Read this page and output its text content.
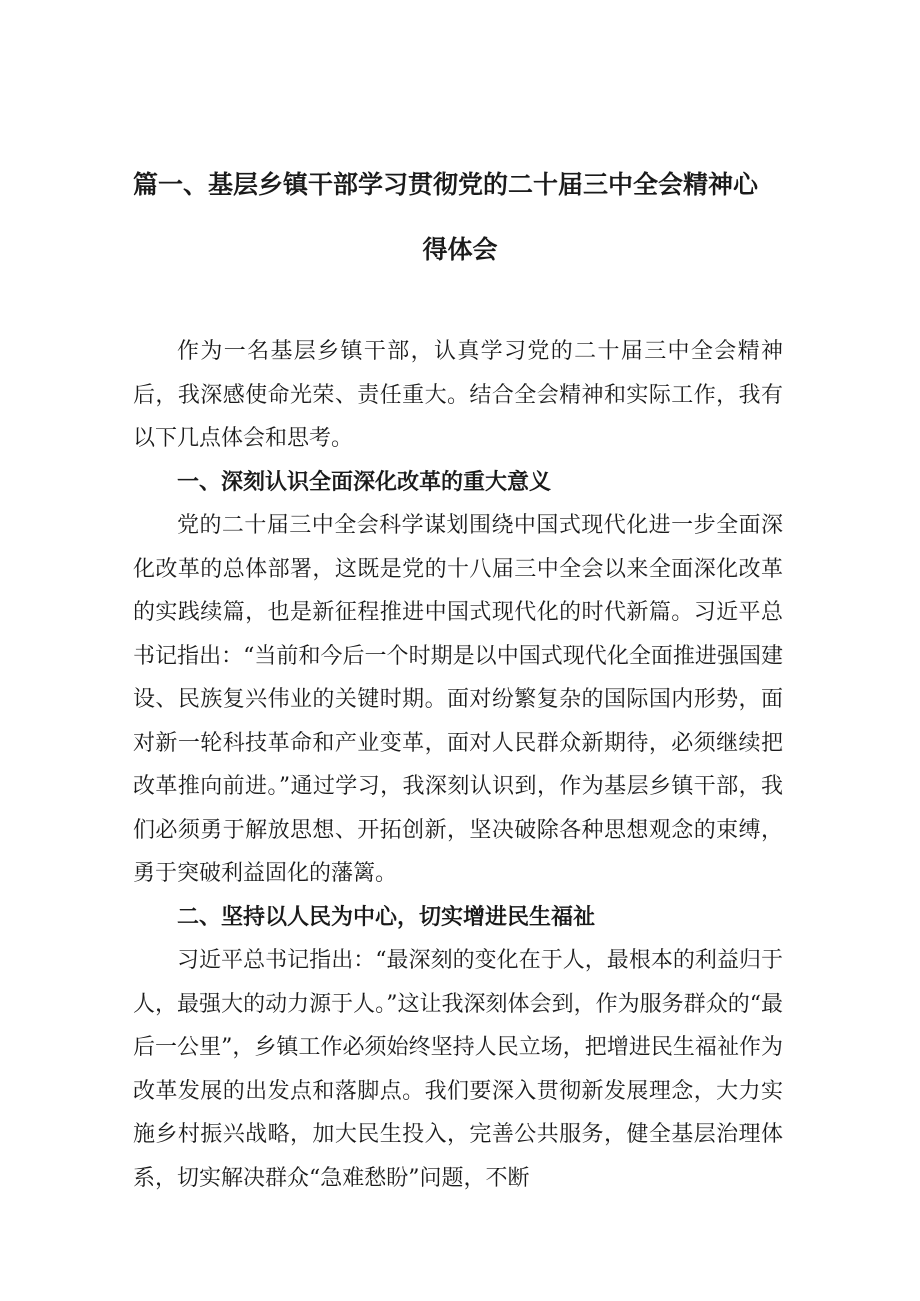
篇一、基层乡镇干部学习贯彻党的二十届三中全会精神心
得体会

作为一名基层乡镇干部，认真学习党的二十届三中全会精神后，我深感使命光荣、责任重大。结合全会精神和实际工作，我有以下几点体会和思考。

一、深刻认识全面深化改革的重大意义

党的二十届三中全会科学谋划围绕中国式现代化进一步全面深化改革的总体部署，这既是党的十八届三中全会以来全面深化改革的实践续篇，也是新征程推进中国式现代化的时代新篇。习近平总书记指出：“当前和今后一个时期是以中国式现代化全面推进强国建设、民族复兴伟业的关键时期。面对纷繁复杂的国际国内形势，面对新一轮科技革命和产业变革，面对人民群众新期待，必须继续把改革推向前进。”通过学习，我深刻认识到，作为基层乡镇干部，我们必须勇于解放思想、开拓创新，坚决破除各种思想观念的束缚，勇于突破利益固化的藩篱。

二、坚持以人民为中心，切实增进民生福祉

习近平总书记指出：“最深刻的变化在于人，最根本的利益归于人，最强大的动力源于人。”这让我深刻体会到，作为服务群众的“最后一公里”，乡镇工作必须始终坚持人民立场，把增进民生福祉作为改革发展的出发点和落脚点。我们要深入贯彻新发展理念，大力实施乡村振兴战略，加大民生投入，完善公共服务，健全基层治理体系，切实解决群众“急难愁盼”问题，不断
